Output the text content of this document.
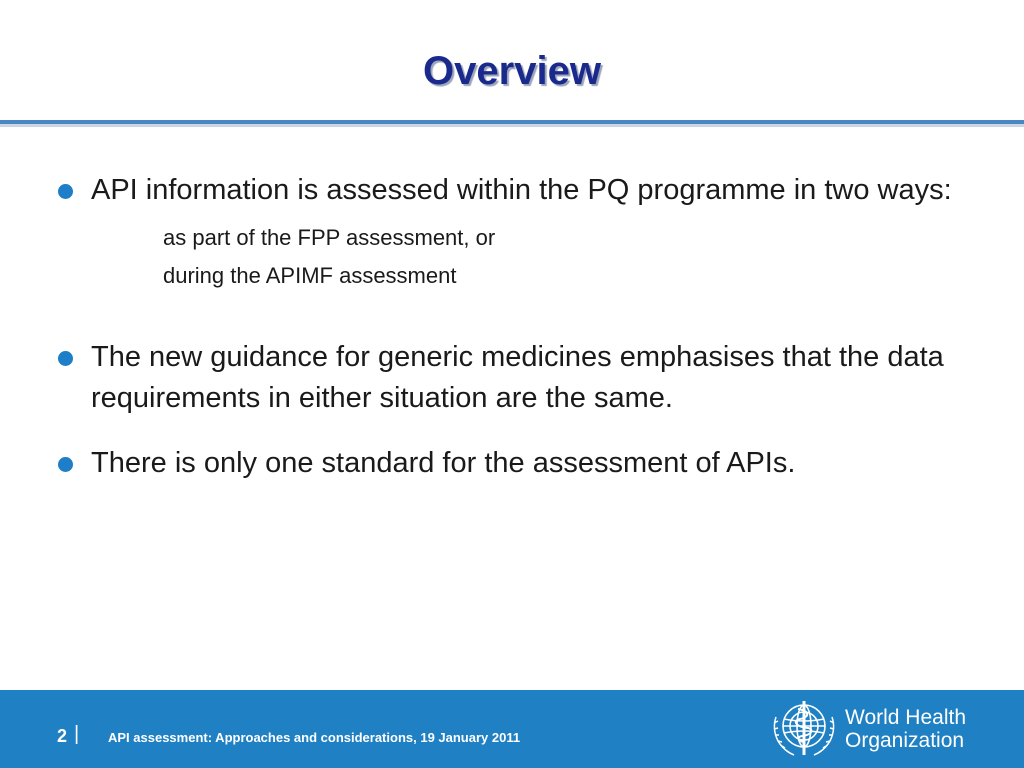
Overview
API information is assessed within the PQ programme in two ways:
as part of the FPP assessment, or
during the APIMF assessment
The new guidance for generic medicines emphasises that the data requirements in either situation are the same.
There is only one standard for the assessment of APIs.
2 | API assessment: Approaches and considerations, 19 January 2011
World Health
Organization
